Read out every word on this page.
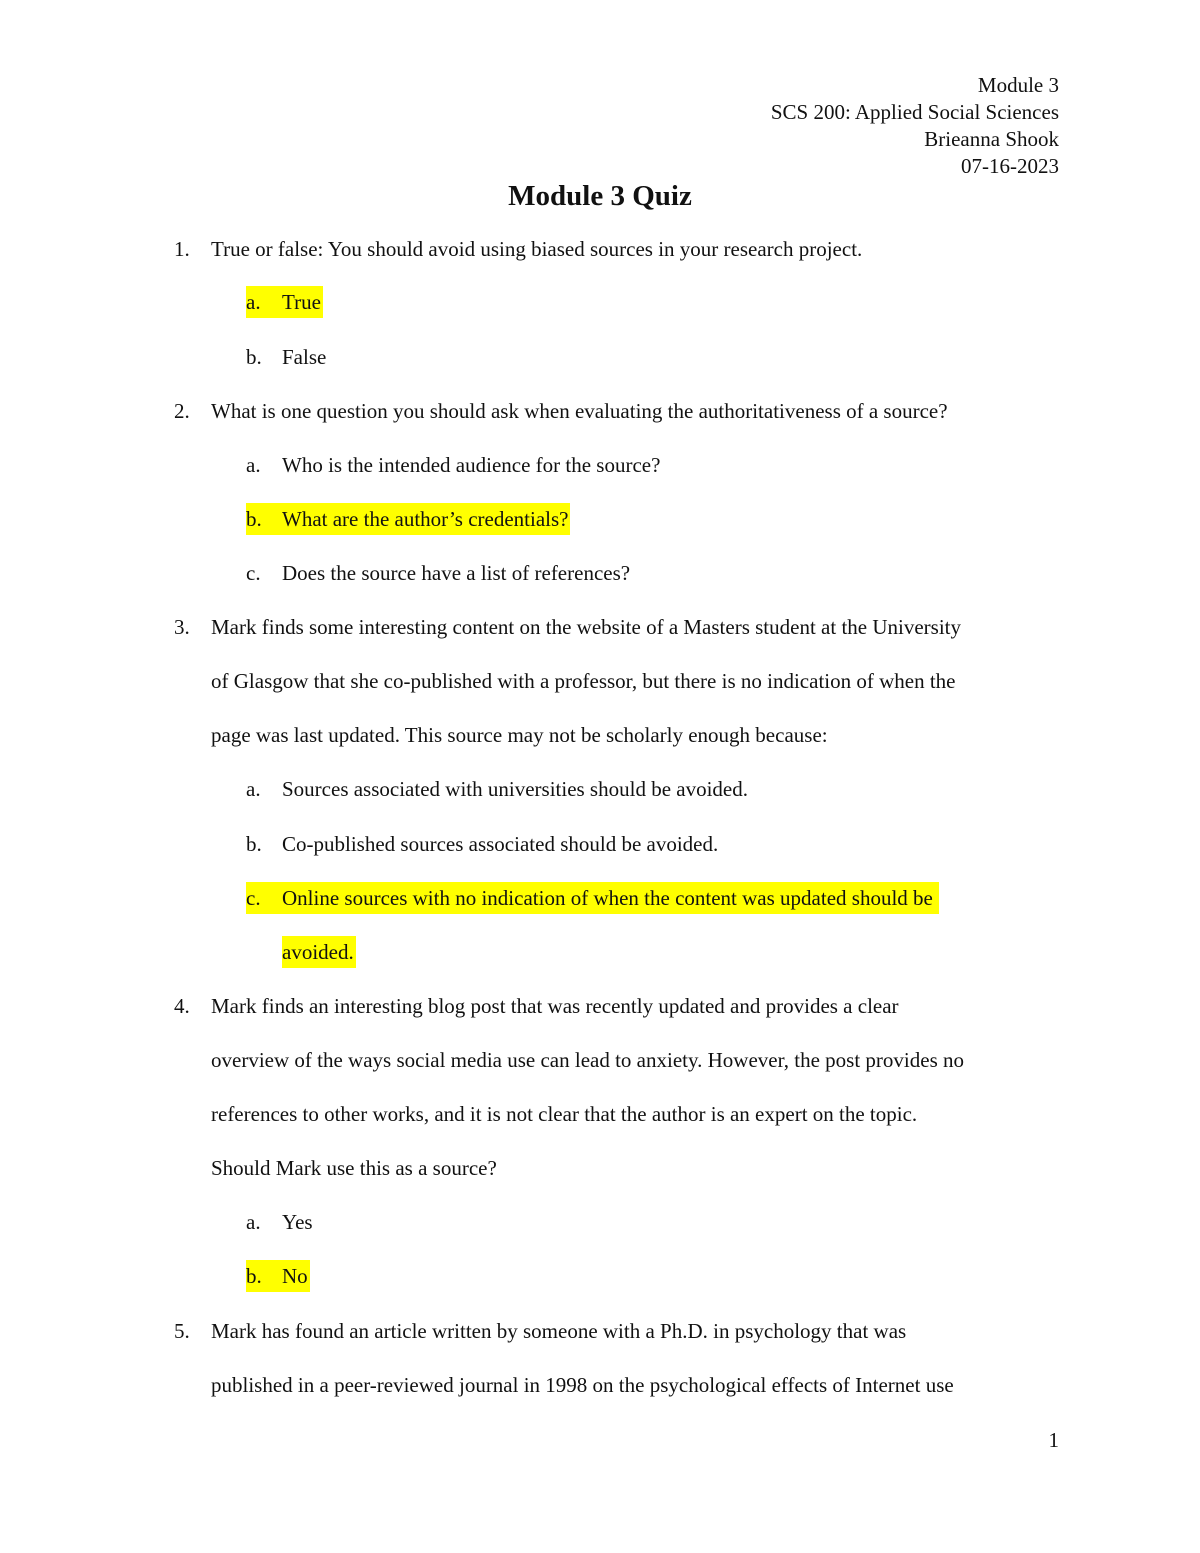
Module 3
SCS 200: Applied Social Sciences
Brieanna Shook
07-16-2023
Module 3 Quiz
1. True or false: You should avoid using biased sources in your research project.
a. True
b. False
2. What is one question you should ask when evaluating the authoritativeness of a source?
a. Who is the intended audience for the source?
b. What are the author’s credentials?
c. Does the source have a list of references?
3. Mark finds some interesting content on the website of a Masters student at the University
of Glasgow that she co-published with a professor, but there is no indication of when the
page was last updated. This source may not be scholarly enough because:
a. Sources associated with universities should be avoided.
b. Co-published sources associated should be avoided.
c. Online sources with no indication of when the content was updated should be
avoided.
4. Mark finds an interesting blog post that was recently updated and provides a clear
overview of the ways social media use can lead to anxiety. However, the post provides no
references to other works, and it is not clear that the author is an expert on the topic.
Should Mark use this as a source?
a. Yes
b. No
5. Mark has found an article written by someone with a Ph.D. in psychology that was
published in a peer-reviewed journal in 1998 on the psychological effects of Internet use
1
